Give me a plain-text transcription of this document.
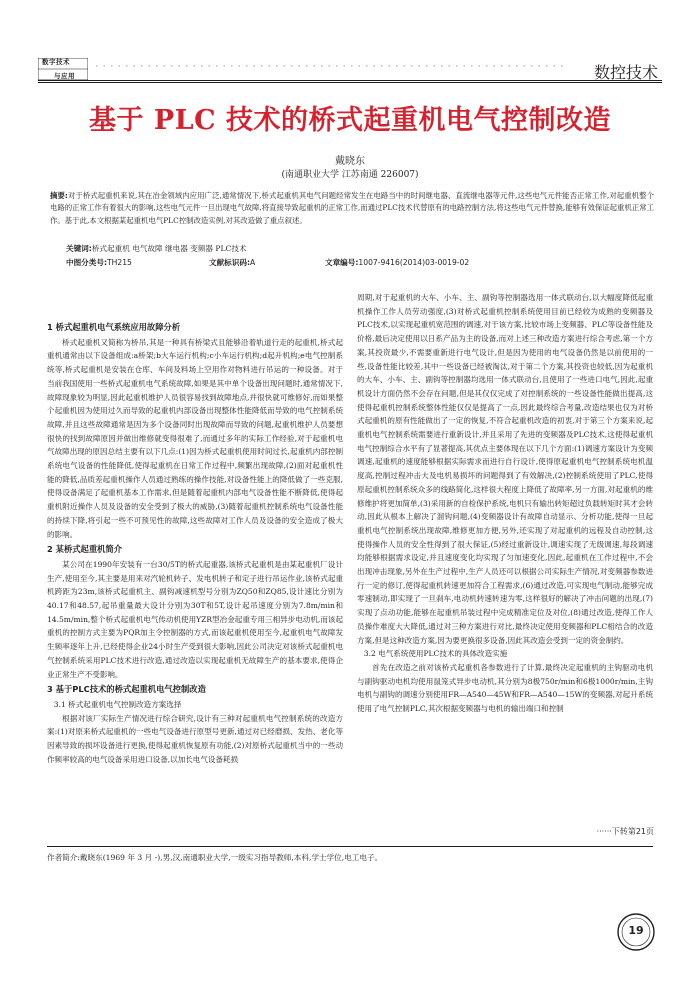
数字技术
与应用	数控技术
基于 PLC 技术的桥式起重机电气控制改造
戴晓东
(南通职业大学 江苏南通 226007)
摘要:对于桥式起重机来说,其在冶金领域内应用广泛,通常情况下,桥式起重机其电气问题经常发生在电路当中的时间继电器、直流继电器等元件,这些电气元件能否正常工作,对起重机整个电路的正常工作有着很大的影响,这些电气元件一旦出现电气故障,将直接导致起重机的正常工作,而通过PLC技术代替原有的电路控制方法,将这些电气元件替换,能够有效保证起重机正常工作。基于此,本文根据某起重机电气PLC控制改造实例,对其改造做了重点叙述。
关键词:桥式起重机 电气故障 继电器 变频器 PLC技术
中图分类号:TH215	文献标识码:A	文章编号:1007-9416(2014)03-0019-02

1 桥式起重机电气系统应用故障分析

桥式起重机又简称为桥吊,其是一种具有桥梁式且能够沿着轨道行走的起重机,桥式起重机通常由以下设备组成:a桥架;b大车运行机构;c小车运行机构;d起升机构;e电气控制系统等,桥式起重机是安装在仓库、车间及料场上空用作对物料进行吊运的一种设备。对于当前我国使用一些桥式起重机电气系统故障,如果是其中单个设备出现问题时,通常情况下,故障现象较为明显,因此起重机维护人员很容易找到故障地点,并很快就可维修好,而如果整个起重机因为使用过久而导致的起重机内部设备出现整体性能降低而导致的电气控制系统故障,并且这些故障通常是因为多个设备同时出现故障而导致的问题,起重机维护人员要想很快的找到故障原因并做出维修就变得很难了,而通过多年的实际工作经验,对于起重机电气故障出现的原因总结主要有以下几点:(1)因为桥式起重机使用时间过长,起重机内部控制系统电气设备的性能降低,使得起重机在日常工作过程中,频繁出现故障,(2)面对起重机性能的降低,品质差起重机操作人员通过熟练的操作技能,对设备性能上的降低做了一些克服,使得设备满足了起重机基本工作需求,但是随着起重机内部电气设备性能不断降低,使得起重机附近操作人员及设备的安全受到了极大的威胁,(3)随着起重机控制系统电气设备性能的持续下降,将引起一些不可预见性的故障,这些故障对工作人员及设备的安全造成了极大的影响。

2 某桥式起重机简介

某公司在1990年安装有一台30/5T的桥式起重器,该桥式起重机是由某起重机厂设计生产,使用至今,其主要是用来对汽轮机转子、发电机转子和定子进行吊运作业,该桥式起重机跨距为23m,该桥式起重机主、副钩减速机型号分别为ZQ50和ZQ85,设计速比分别为40.17和48.57,起吊重量最大设计分别为30T和5T,设计起吊速度分别为7.8m/min和14.5m/min,整个桥式起重机电气传动机使用YZR型冶金起重专用三相异步电动机,而该起重机的控制方式主要为PQR加主令控制器的方式,而该起重机使用至今,起重机电气故障发生频率逐年上升,已经使得企业24小时生产受到很大影响,因此公司决定对该桥式起重机电气控制系统采用PLC技术进行改造,通过改造以实现起重机无故障生产的基本要求,使得企业正常生产不受影响。

3 基于PLC技术的桥式起重机电气控制改造

3.1 桥式起重机电气控制改造方案选择

根据对该厂实际生产情况进行综合研究,设计有三种对起重机电气控制系统的改造方案:(1)对原来桥式起重机的一些电气设备进行原型号更新,通过对已经磨损、发热、老化等因素导致的损坏设备进行更换,使得起重机恢复原有功能,(2)对原桥式起重机当中的一些动作频率较高的电气设备采用进口设备,以加长电气设备耗损

周期,对于起重机的大车、小车、主、副钩等控制器选用一体式联动台,以大幅度降低起重机操作工作人员劳动强度,(3)对桥式起重机控制系统使用目前已经较为成熟的变频器及PLC技术,以实现起重机宽范围的调速,对于该方案,比较市场上变频器、PLC等设备性能及价格,最后决定使用以日系产品为主的设备,而对上述三种改造方案进行综合考虑,第一个方案,其投资最少,不需要重新进行电气设计,但是因为使用的电气设备仍然是以前使用的一些,设备性能比较差,其中一些设备已经被淘汰,对于第二个方案,其投资也较低,因为起重机的大车、小车、主、副钩等控制器均选用一体式联动台,且使用了一些进口电气,因此,起重机设计方面仍然不会存在问题,但是其仅仅完成了对控制系统的一些设备性能做出提高,这使得起重机控制系统整体性能仅仅是提高了一点,因此最终综合考量,改造结果也仅为对桥式起重机的原有性能做出了一定的恢复,不符合起重机改造的初衷,对于第三个方案来说,起重机电气控制系统需要进行重新设计,并且采用了先进的变频器及PLC技术,这使得起重机电气控制综合水平有了显著提高,其优点主要体现在以下几个方面:(1)调速方案设计为变频调速,起重机的速度能够根据实际需求而进行自行设计,使得原起重机电气控制系统电机温度高,控制过程冲击大及电机易损坏的问题得到了有效解决,(2)控制系统使用了PLC,使得原起重机控制系统众多的线路简化,这样很大程度上降低了故障率,另一方面,对起重机的维修维护将更加简单,(3)采用新的自检保护系统,电机只有输出转矩超过负载转矩时其才会转动,因此从根本上解决了溜钩问题,(4)变频器设计有故障自动显示、分析功能,使得一旦起重机电气控制系统出现故障,维修更加方便,另外,还实现了对起重机的远程及自动控制,这使得操作人员的安全性得到了很大保证,(5)经过重新设计,调速实现了无级调速,每段调速均能够根据需求设定,并且速度变化均实现了匀加速变化,因此,起重机在工作过程中,不会出现冲击现象,另外在生产过程中,生产人员还可以根据公司实际生产情况,对变频器参数进行一定的修订,使得起重机转速更加符合工程需求,(6)通过改造,可实现电气制动,能够完成零速制动,即实现了一旦刹车,电动机转速转速为零,这样很好的解决了冲击问题的出现,(7)实现了点动功能,能够在起重机吊装过程中完成精准定位及对位,(8)通过改造,使得工作人员操作难度大大降低,通过对三种方案进行对比,最终决定使用变频器和PLC相结合的改造方案,但是这种改造方案,因为要更换很多设备,因此其改造会受到一定的资金制约。

3.2 电气系统使用PLC技术的具体改造实施

首先在改造之前对该桥式起重机各参数进行了计算,最终决定起重机的主钩驱动电机与副钩驱动电机均使用鼠笼式异步电动机,其分别为8极750r/min和6极1000r/min,主钩电机与副钩的调速分别使用FR—A540—45W和FR—A540—15W的变频器,对起升系统使用了电气控制PLC,其次根据变频器与电机的输出端口和控制

······下转第21页
作者简介:戴晓东(1969 年 3 月 -),男,汉,南通职业大学,一级实习指导教师,本科,学士学位,电工电子。
19
